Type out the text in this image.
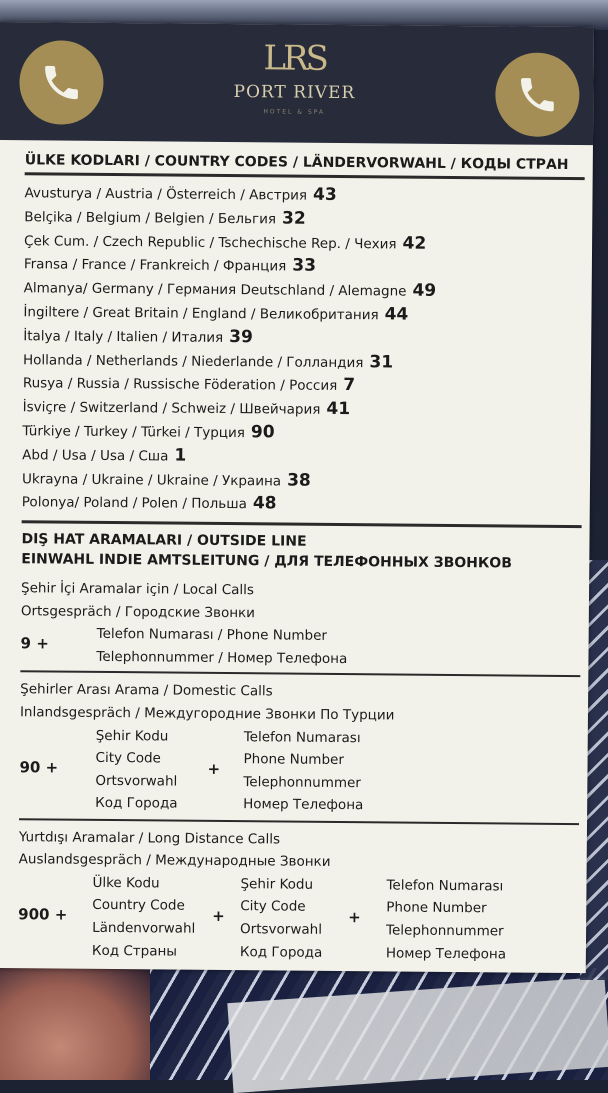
LRS
PORT RIVER
HOTEL & SPA
ÜLKE KODLARI / COUNTRY CODES / LÄNDERVORWAHL / КОДЫ СТРАН
Avusturya / Austria / Österreich / Австрия 43
Belçika / Belgium / Belgien / Бельгия 32
Çek Cum. / Czech Republic / Tschechische Rep. / Чехия 42
Fransa / France / Frankreich / Франция 33
Almanya/ Germany / Германия Deutschland / Alemagne 49
İngiltere / Great Britain / England / Великобритания 44
İtalya / Italy / Italien / Италия 39
Hollanda / Netherlands / Niederlande / Голландия 31
Rusya / Russia / Russische Föderation / Россия 7
İsviçre / Switzerland / Schweiz / Швейчария 41
Türkiye / Turkey / Türkei / Турция 90
Abd / Usa / Usa / Сша 1
Ukrayna / Ukraine / Ukraine / Украина 38
Polonya/ Poland / Polen / Польша 48
DIŞ HAT ARAMALARI / OUTSIDE LINE
EINWAHL INDIE AMTSLEITUNG / ДЛЯ ТЕЛЕФОННЫХ ЗВОНКОВ
Şehir İçi Aramalar için / Local Calls
Ortsgespräch / Городские Звонки
9 +	Telefon Numarası / Phone Number
Telephonnummer / Номер Телефона
Şehirler Arası Arama / Domestic Calls
Inlandsgespräch / Междугородние Звонки По Турции
90 +
Şehir Kodu
City Code
Ortsvorwahl
Код Города
+
Telefon Numarası
Phone Number
Telephonnummer
Номер Телефона
Yurtdışı Aramalar / Long Distance Calls
Auslandsgespräch / Международные Звонки
900 +
Ülke Kodu
Country Code
Ländenvorwahl
Код Страны
+
Şehir Kodu
City Code
Ortsvorwahl
Код Города
+
Telefon Numarası
Phone Number
Telephonnummer
Номер Телефона
